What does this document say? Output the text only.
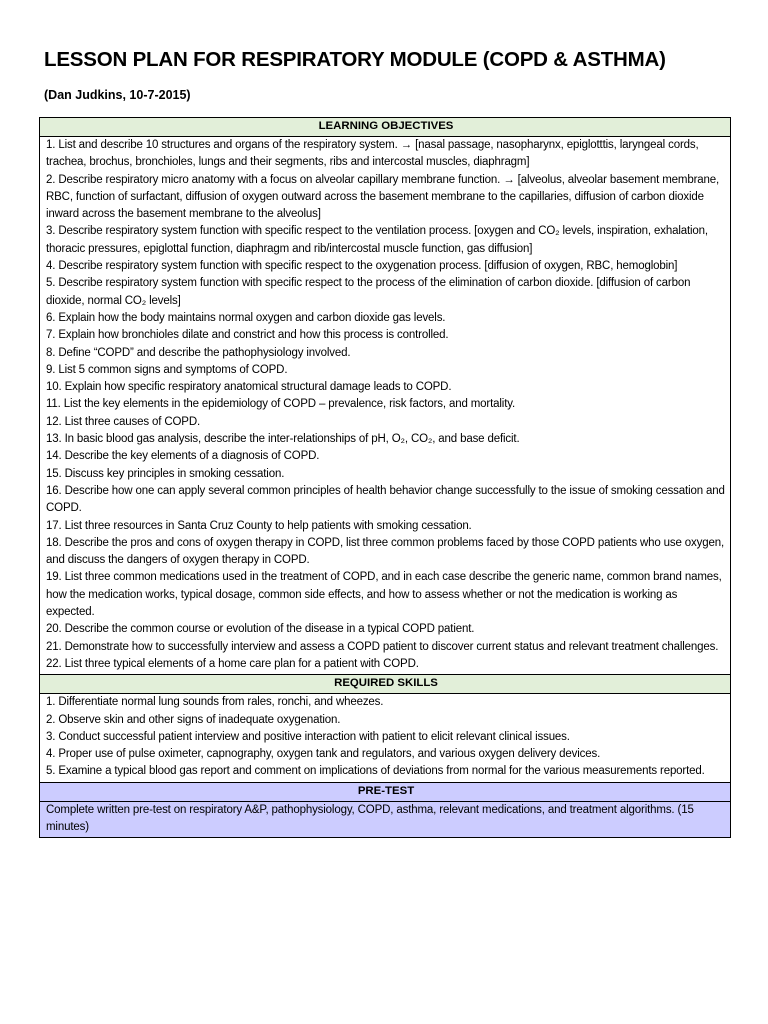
LESSON PLAN FOR RESPIRATORY MODULE (COPD & ASTHMA)
(Dan Judkins, 10-7-2015)
LEARNING OBJECTIVES

1. List and describe 10 structures and organs of the respiratory system. → [nasal passage, nasopharynx, epiglotttis, laryngeal cords, trachea, brochus, bronchioles, lungs and their segments, ribs and intercostal muscles, diaphragm]

2. Describe respiratory micro anatomy with a focus on alveolar capillary membrane function. → [alveolus, alveolar basement membrane, RBC, function of surfactant, diffusion of oxygen outward across the basement membrane to the capillaries, diffusion of carbon dioxide inward across the basement membrane to the alveolus]

3. Describe respiratory system function with specific respect to the ventilation process. [oxygen and CO₂ levels, inspiration, exhalation, thoracic pressures, epiglottal function, diaphragm and rib/intercostal muscle function, gas diffusion]

4. Describe respiratory system function with specific respect to the oxygenation process. [diffusion of oxygen, RBC, hemoglobin]

5. Describe respiratory system function with specific respect to the process of the elimination of carbon dioxide. [diffusion of carbon dioxide, normal CO₂ levels]

6. Explain how the body maintains normal oxygen and carbon dioxide gas levels.

7. Explain how bronchioles dilate and constrict and how this process is controlled.

8. Define “COPD” and describe the pathophysiology involved.

9. List 5 common signs and symptoms of COPD.

10. Explain how specific respiratory anatomical structural damage leads to COPD.

11. List the key elements in the epidemiology of COPD – prevalence, risk factors, and mortality.

12. List three causes of COPD.

13. In basic blood gas analysis, describe the inter-relationships of pH, O₂, CO₂, and base deficit.

14. Describe the key elements of a diagnosis of COPD.

15. Discuss key principles in smoking cessation.

16. Describe how one can apply several common principles of health behavior change successfully to the issue of smoking cessation and COPD.

17. List three resources in Santa Cruz County to help patients with smoking cessation.

18. Describe the pros and cons of oxygen therapy in COPD, list three common problems faced by those COPD patients who use oxygen, and discuss the dangers of oxygen therapy in COPD.

19. List three common medications used in the treatment of COPD, and in each case describe the generic name, common brand names, how the medication works, typical dosage, common side effects, and how to assess whether or not the medication is working as expected.

20. Describe the common course or evolution of the disease in a typical COPD patient.

21. Demonstrate how to successfully interview and assess a COPD patient to discover current status and relevant treatment challenges.

22. List three typical elements of a home care plan for a patient with COPD.

REQUIRED SKILLS

1. Differentiate normal lung sounds from rales, ronchi, and wheezes.

2. Observe skin and other signs of inadequate oxygenation.

3. Conduct successful patient interview and positive interaction with patient to elicit relevant clinical issues.

4. Proper use of pulse oximeter, capnography, oxygen tank and regulators, and various oxygen delivery devices.

5. Examine a typical blood gas report and comment on implications of deviations from normal for the various measurements reported.

PRE-TEST

Complete written pre-test on respiratory A&P, pathophysiology, COPD, asthma, relevant medications, and treatment algorithms. (15 minutes)
